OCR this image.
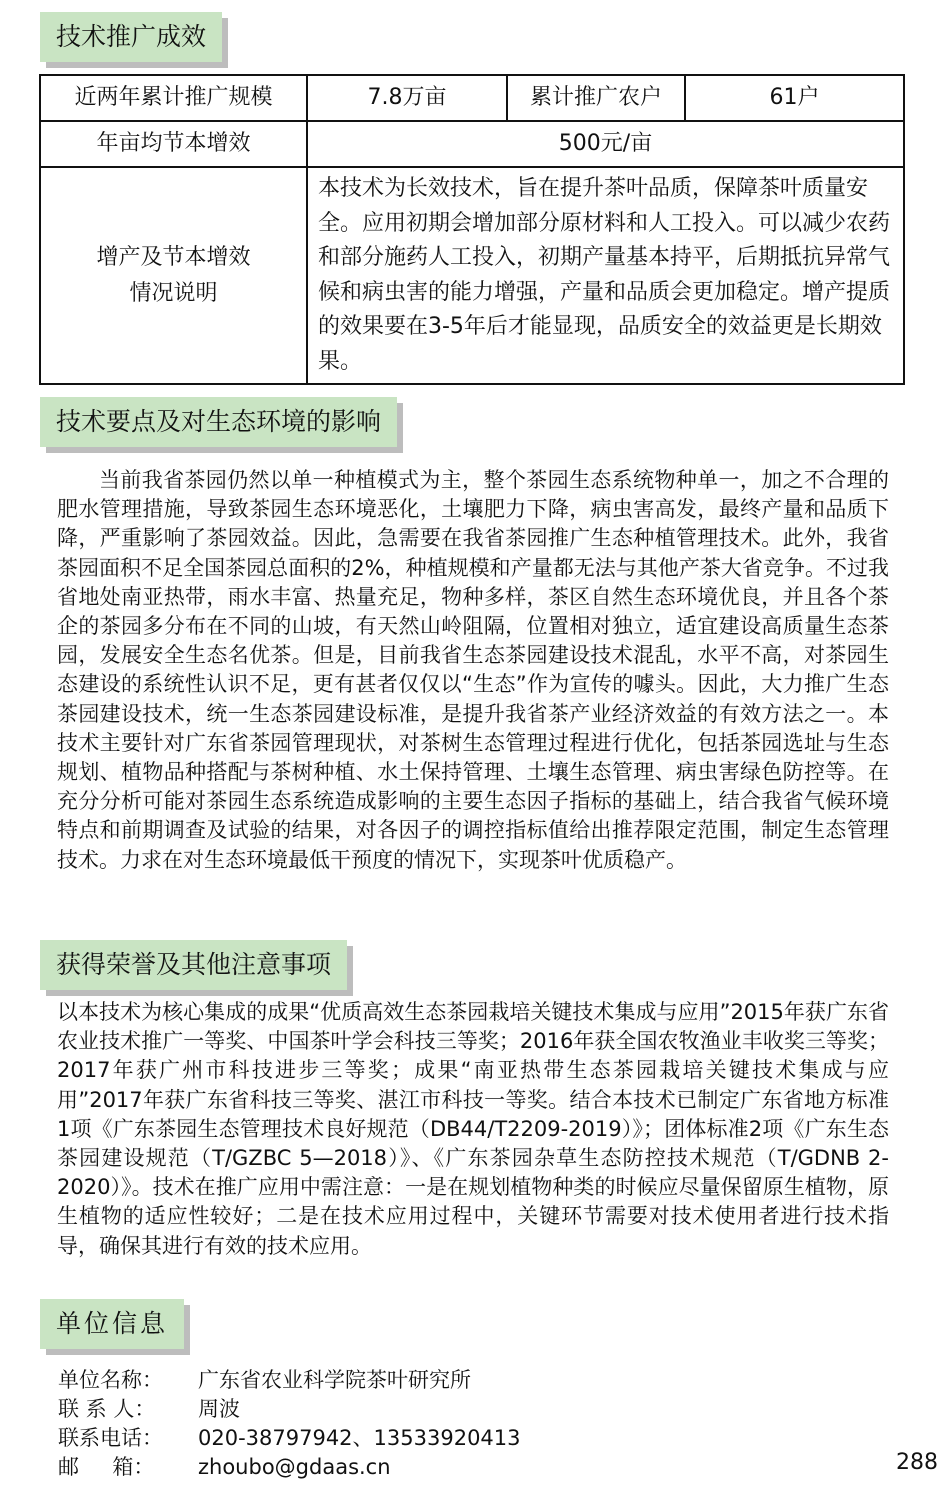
技术推广成效
近两年累计推广规模	7.8万亩	累计推广农户	61户
年亩均节本增效	500元/亩		

增产及节本增效
情况说明	本技术为长效技术，旨在提升茶叶品质，保障茶叶质量安全。应用初期会增加部分原材料和人工投入。可以减少农药和部分施药人工投入，初期产量基本持平，后期抵抗异常气候和病虫害的能力增强，产量和品质会更加稳定。增产提质的效果要在3-5年后才能显现，品质安全的效益更是长期效果。		
技术要点及对生态环境的影响

当前我省茶园仍然以单一种植模式为主，整个茶园生态系统物种单一，加之不合理的肥水管理措施，导致茶园生态环境恶化，土壤肥力下降，病虫害高发，最终产量和品质下降，严重影响了茶园效益。因此，急需要在我省茶园推广生态种植管理技术。此外，我省茶园面积不足全国茶园总面积的2%，种植规模和产量都无法与其他产茶大省竞争。不过我省地处南亚热带，雨水丰富、热量充足，物种多样，茶区自然生态环境优良，并且各个茶企的茶园多分布在不同的山坡，有天然山岭阻隔，位置相对独立，适宜建设高质量生态茶园，发展安全生态名优茶。但是，目前我省生态茶园建设技术混乱，水平不高，对茶园生态建设的系统性认识不足，更有甚者仅仅以“生态”作为宣传的噱头。因此，大力推广生态茶园建设技术，统一生态茶园建设标准，是提升我省茶产业经济效益的有效方法之一。本技术主要针对广东省茶园管理现状，对茶树生态管理过程进行优化，包括茶园选址与生态规划、植物品种搭配与茶树种植、水土保持管理、土壤生态管理、病虫害绿色防控等。在充分分析可能对茶园生态系统造成影响的主要生态因子指标的基础上，结合我省气候环境特点和前期调查及试验的结果，对各因子的调控指标值给出推荐限定范围，制定生态管理技术。力求在对生态环境最低干预度的情况下，实现茶叶优质稳产。

获得荣誉及其他注意事项

以本技术为核心集成的成果“优质高效生态茶园栽培关键技术集成与应用”2015年获广东省农业技术推广一等奖、中国茶叶学会科技三等奖；2016年获全国农牧渔业丰收奖三等奖；2017年获广州市科技进步三等奖；成果“南亚热带生态茶园栽培关键技术集成与应用”2017年获广东省科技三等奖、湛江市科技一等奖。结合本技术已制定广东省地方标准1项《广东茶园生态管理技术良好规范（DB44/T2209-2019）》；团体标准2项《广东生态茶园建设规范（T/GZBC 5—2018）》、《广东茶园杂草生态防控技术规范（T/GDNB 2-2020）》。技术在推广应用中需注意：一是在规划植物种类的时候应尽量保留原生植物，原生植物的适应性较好；二是在技术应用过程中，关键环节需要对技术使用者进行技术指导，确保其进行有效的技术应用。

单位信息
单位名称：	广东省农业科学院茶叶研究所
联 系 人：	周波
联系电话：	020-38797942、13533920413
邮     箱：	zhoubo@gdaas.cn	288
